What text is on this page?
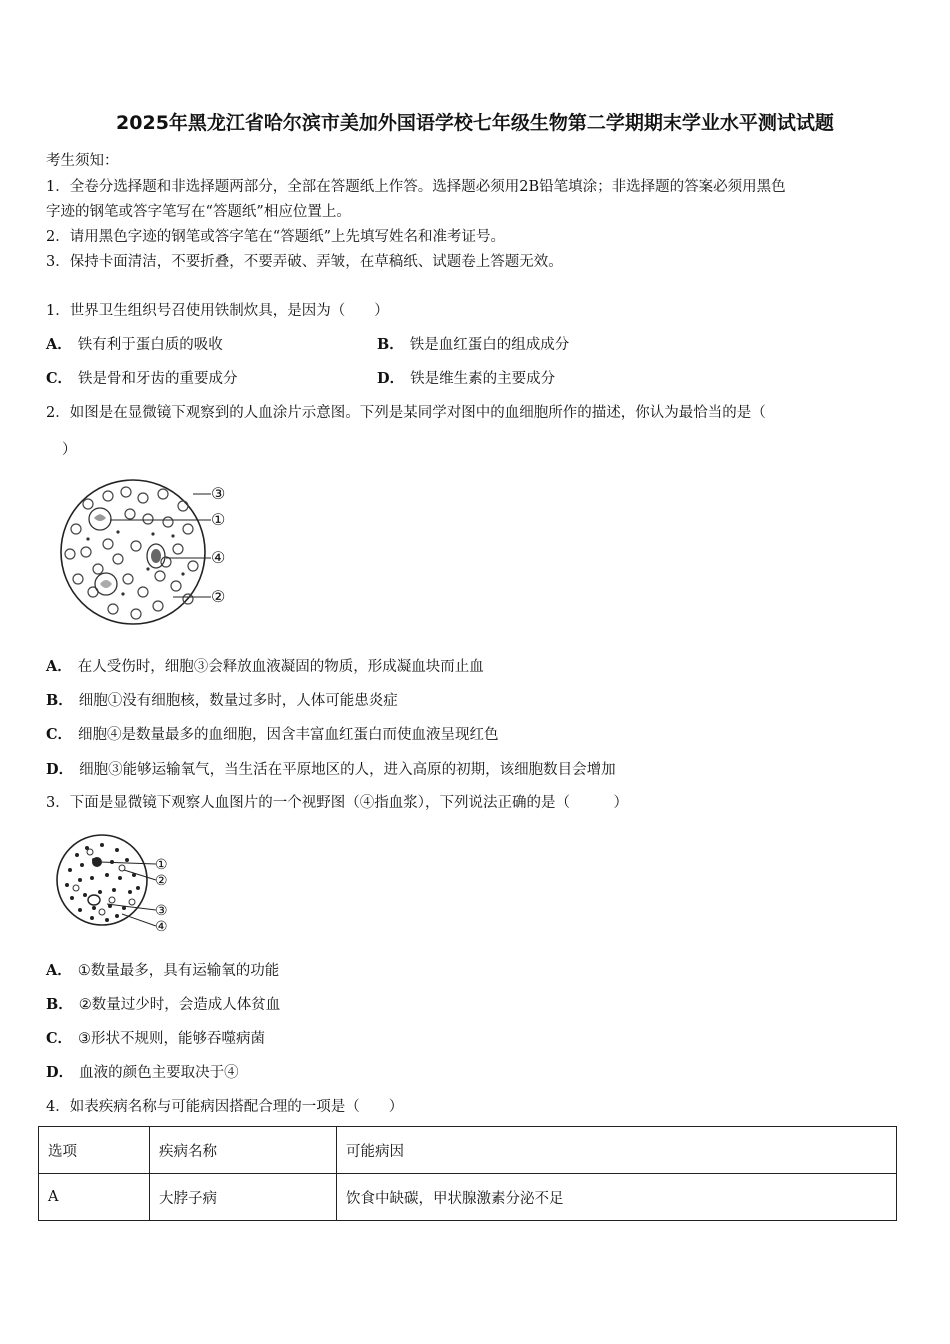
2025年黑龙江省哈尔滨市美加外国语学校七年级生物第二学期期末学业水平测试试题
考生须知：
1．全卷分选择题和非选择题两部分，全部在答题纸上作答。选择题必须用2B铅笔填涂；非选择题的答案必须用黑色
字迹的钢笔或答字笔写在“答题纸”相应位置上。
2．请用黑色字迹的钢笔或答字笔在“答题纸”上先填写姓名和准考证号。
3．保持卡面清洁，不要折叠，不要弄破、弄皱，在草稿纸、试题卷上答题无效。
1．世界卫生组织号召使用铁制炊具，是因为（　　）
A． 铁有利于蛋白质的吸收	B． 铁是血红蛋白的组成成分
C． 铁是骨和牙齿的重要成分	D． 铁是维生素的主要成分
2．如图是在显微镜下观察到的人血涂片示意图。下列是某同学对图中的血细胞所作的描述，你认为最恰当的是（
）
③
①
④
②
A． 在人受伤时，细胞③会释放血液凝固的物质，形成凝血块而止血
B． 细胞①没有细胞核，数量过多时，人体可能患炎症
C． 细胞④是数量最多的血细胞，因含丰富血红蛋白而使血液呈现红色
D． 细胞③能够运输氧气，当生活在平原地区的人，进入高原的初期，该细胞数目会增加
3．下面是显微镜下观察人血图片的一个视野图（④指血浆），下列说法正确的是（　　　）
①
②
③
④
A． ①数量最多，具有运输氧的功能
B． ②数量过少时，会造成人体贫血
C． ③形状不规则，能够吞噬病菌
D． 血液的颜色主要取决于④
4．如表疾病名称与可能病因搭配合理的一项是（　　）
选项	疾病名称	可能病因
A	大脖子病	饮食中缺碳，甲状腺激素分泌不足
